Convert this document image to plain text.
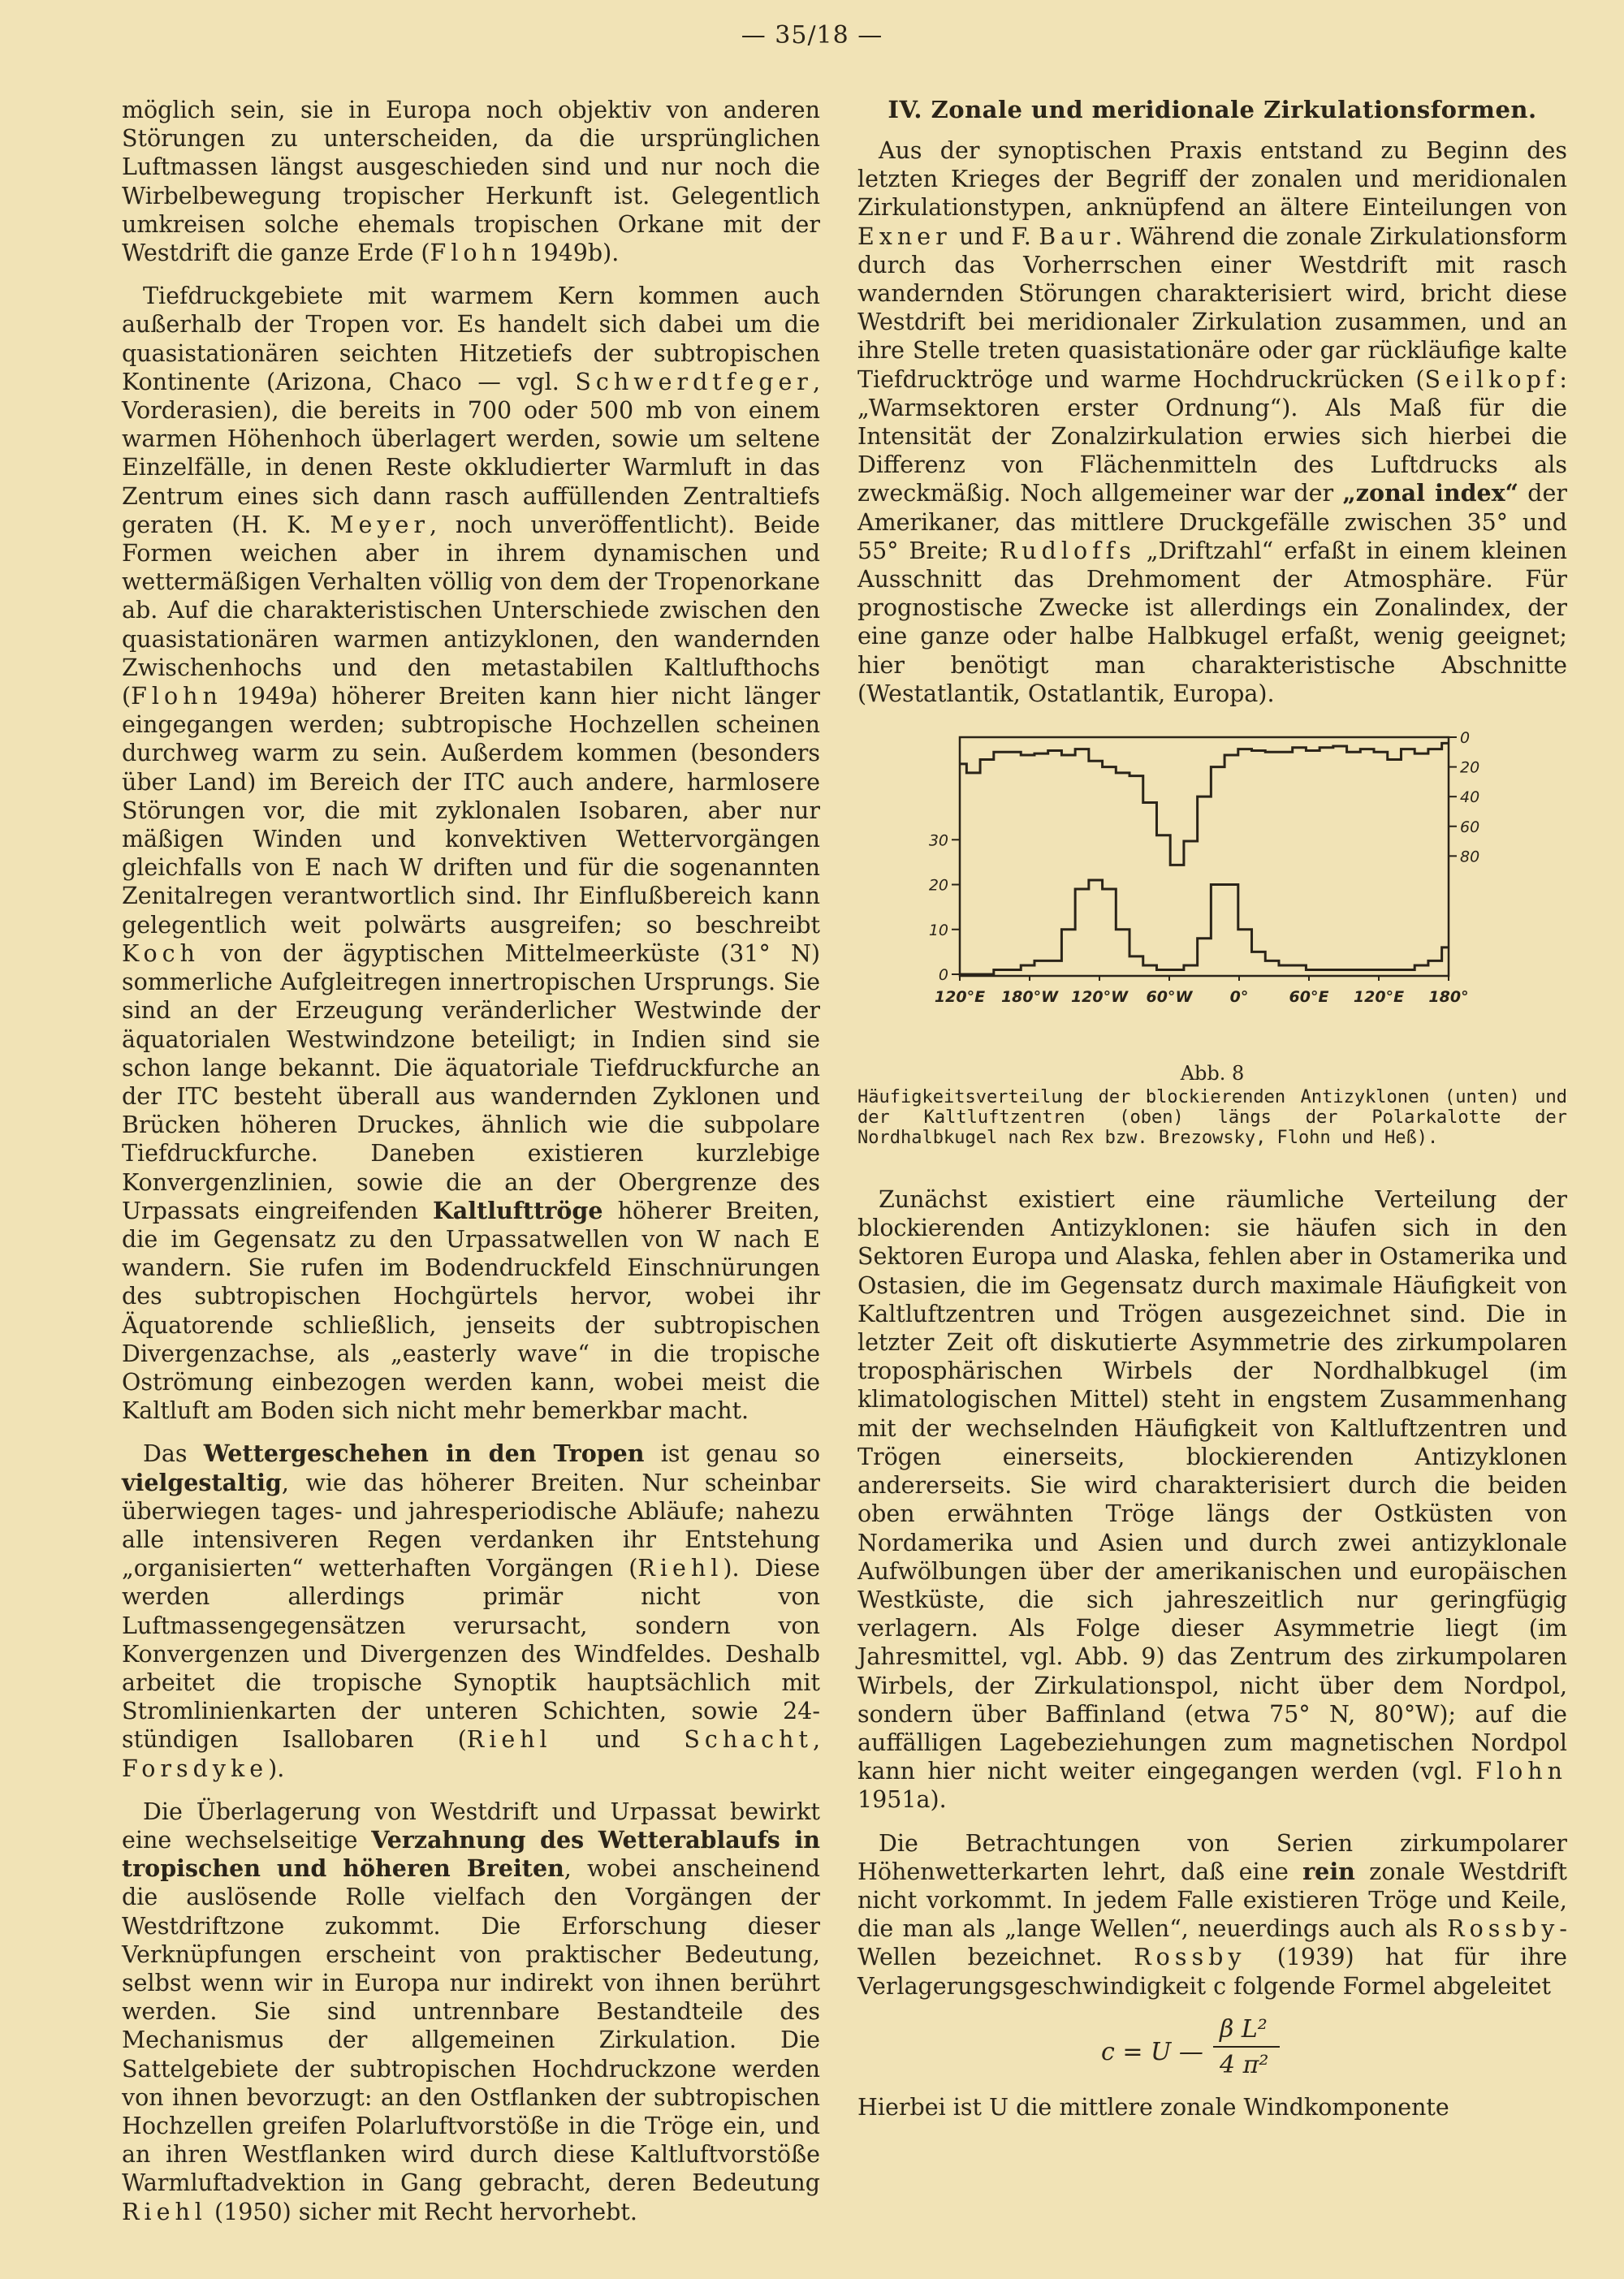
— 35/18 —

möglich sein, sie in Europa noch objektiv von anderen Störungen zu unterscheiden, da die ursprünglichen Luftmassen längst ausgeschieden sind und nur noch die Wirbelbewegung tropischer Herkunft ist. Gelegentlich umkreisen solche ehemals tropischen Orkane mit der Westdrift die ganze Erde (Flohn 1949b).

Tiefdruckgebiete mit warmem Kern kommen auch außerhalb der Tropen vor. Es handelt sich dabei um die quasistationären seichten Hitzetiefs der subtropischen Kontinente (Arizona, Chaco — vgl. Schwerdtfeger, Vorderasien), die bereits in 700 oder 500 mb von einem warmen Höhenhoch überlagert werden, sowie um seltene Einzelfälle, in denen Reste okkludierter Warmluft in das Zentrum eines sich dann rasch auffüllenden Zentraltiefs geraten (H. K. Meyer, noch unveröffentlicht). Beide Formen weichen aber in ihrem dynamischen und wettermäßigen Verhalten völlig von dem der Tropenorkane ab. Auf die charakteristischen Unterschiede zwischen den quasistationären warmen antizyklonen, den wandernden Zwischenhochs und den metastabilen Kaltlufthochs (Flohn 1949a) höherer Breiten kann hier nicht länger eingegangen werden; subtropische Hochzellen scheinen durchweg warm zu sein. Außerdem kommen (besonders über Land) im Bereich der ITC auch andere, harmlosere Störungen vor, die mit zyklonalen Isobaren, aber nur mäßigen Winden und konvektiven Wettervorgängen gleichfalls von E nach W driften und für die sogenannten Zenitalregen verantwortlich sind. Ihr Einflußbereich kann gelegentlich weit polwärts ausgreifen; so beschreibt Koch von der ägyptischen Mittelmeerküste (31° N) sommerliche Aufgleitregen innertropischen Ursprungs. Sie sind an der Erzeugung veränderlicher Westwinde der äquatorialen Westwindzone beteiligt; in Indien sind sie schon lange bekannt. Die äquatoriale Tiefdruckfurche an der ITC besteht überall aus wandernden Zyklonen und Brücken höheren Druckes, ähnlich wie die subpolare Tiefdruckfurche. Daneben existieren kurzlebige Konvergenzlinien, sowie die an der Obergrenze des Urpassats eingreifenden Kaltlufttröge höherer Breiten, die im Gegensatz zu den Urpassatwellen von W nach E wandern. Sie rufen im Bodendruckfeld Einschnürungen des subtropischen Hochgürtels hervor, wobei ihr Äquatorende schließlich, jenseits der subtropischen Divergenzachse, als „easterly wave“ in die tropische Oströmung einbezogen werden kann, wobei meist die Kaltluft am Boden sich nicht mehr bemerkbar macht.

Das Wettergeschehen in den Tropen ist genau so vielgestaltig, wie das höherer Breiten. Nur scheinbar überwiegen tages- und jahresperiodische Abläufe; nahezu alle intensiveren Regen verdanken ihr Entstehung „organisierten“ wetterhaften Vorgängen (Riehl). Diese werden allerdings primär nicht von Luftmassengegensätzen verursacht, sondern von Konvergenzen und Divergenzen des Windfeldes. Deshalb arbeitet die tropische Synoptik hauptsächlich mit Stromlinienkarten der unteren Schichten, sowie 24-stündigen Isallobaren (Riehl und Schacht, Forsdyke).

Die Überlagerung von Westdrift und Urpassat bewirkt eine wechselseitige Verzahnung des Wetterablaufs in tropischen und höheren Breiten, wobei anscheinend die auslösende Rolle vielfach den Vorgängen der Westdriftzone zukommt. Die Erforschung dieser Verknüpfungen erscheint von praktischer Bedeutung, selbst wenn wir in Europa nur indirekt von ihnen berührt werden. Sie sind untrennbare Bestandteile des Mechanismus der allgemeinen Zirkulation. Die Sattelgebiete der subtropischen Hochdruckzone werden von ihnen bevorzugt: an den Ostflanken der subtropischen Hochzellen greifen Polarluftvorstöße in die Tröge ein, und an ihren Westflanken wird durch diese Kaltluftvorstöße Warmluftadvektion in Gang gebracht, deren Bedeutung Riehl (1950) sicher mit Recht hervorhebt.

IV. Zonale und meridionale Zirkulationsformen.

Aus der synoptischen Praxis entstand zu Beginn des letzten Krieges der Begriff der zonalen und meridionalen Zirkulationstypen, anknüpfend an ältere Einteilungen von Exner und F. Baur. Während die zonale Zirkulationsform durch das Vorherrschen einer Westdrift mit rasch wandernden Störungen charakterisiert wird, bricht diese Westdrift bei meridionaler Zirkulation zusammen, und an ihre Stelle treten quasistationäre oder gar rückläufige kalte Tiefdrucktröge und warme Hochdruckrücken (Seilkopf: „Warmsektoren erster Ordnung“). Als Maß für die Intensität der Zonalzirkulation erwies sich hierbei die Differenz von Flächenmitteln des Luftdrucks als zweckmäßig. Noch allgemeiner war der „zonal index“ der Amerikaner, das mittlere Druckgefälle zwischen 35° und 55° Breite; Rudloffs „Driftzahl“ erfaßt in einem kleinen Ausschnitt das Drehmoment der Atmosphäre. Für prognostische Zwecke ist allerdings ein Zonalindex, der eine ganze oder halbe Halbkugel erfaßt, wenig geeignet; hier benötigt man charakteristische Abschnitte (Westatlantik, Ostatlantik, Europa).

120°E 180°W 120°W 60°W 0°	60°E 120°E 180°
0
10
20
30
0
20
40
60
80
Abb. 8
Häufigkeitsverteilung der blockierenden Antizyklonen (unten) und der Kaltluftzentren (oben) längs der Polarkalotte der Nordhalbkugel nach Rex bzw. Brezowsky, Flohn und Heß).

Zunächst existiert eine räumliche Verteilung der blockierenden Antizyklonen: sie häufen sich in den Sektoren Europa und Alaska, fehlen aber in Ostamerika und Ostasien, die im Gegensatz durch maximale Häufigkeit von Kaltluftzentren und Trögen ausgezeichnet sind. Die in letzter Zeit oft diskutierte Asymmetrie des zirkumpolaren troposphärischen Wirbels der Nordhalbkugel (im klimatologischen Mittel) steht in engstem Zusammenhang mit der wechselnden Häufigkeit von Kaltluftzentren und Trögen einerseits, blockierenden Antizyklonen andererseits. Sie wird charakterisiert durch die beiden oben erwähnten Tröge längs der Ostküsten von Nordamerika und Asien und durch zwei antizyklonale Aufwölbungen über der amerikanischen und europäischen Westküste, die sich jahreszeitlich nur geringfügig verlagern. Als Folge dieser Asymmetrie liegt (im Jahresmittel, vgl. Abb. 9) das Zentrum des zirkumpolaren Wirbels, der Zirkulationspol, nicht über dem Nordpol, sondern über Baffinland (etwa 75° N, 80°W); auf die auffälligen Lagebeziehungen zum magnetischen Nordpol kann hier nicht weiter eingegangen werden (vgl. Flohn 1951a).

Die Betrachtungen von Serien zirkumpolarer Höhenwetterkarten lehrt, daß eine rein zonale Westdrift nicht vorkommt. In jedem Falle existieren Tröge und Keile, die man als „lange Wellen“, neuerdings auch als Rossby-Wellen bezeichnet. Rossby (1939) hat für ihre Verlagerungsgeschwindigkeit c folgende Formel abgeleitet

c = U —
β L²
4 π²

Hierbei ist U die mittlere zonale Windkomponente
